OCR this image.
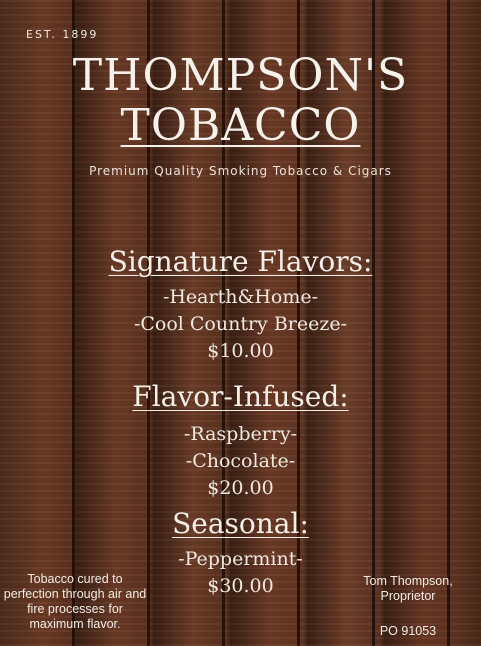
EST. 1899
THOMPSON'S
TOBACCO
Premium Quality Smoking Tobacco & Cigars
Signature Flavors:
-Hearth&Home-
-Cool Country Breeze-
$10.00
Flavor-Infused:
-Raspberry-
-Chocolate-
$20.00
Seasonal:
-Peppermint-
$30.00
Tobacco cured to perfection through air and fire processes for maximum flavor.
Tom Thompson,
Proprietor
PO 91053
